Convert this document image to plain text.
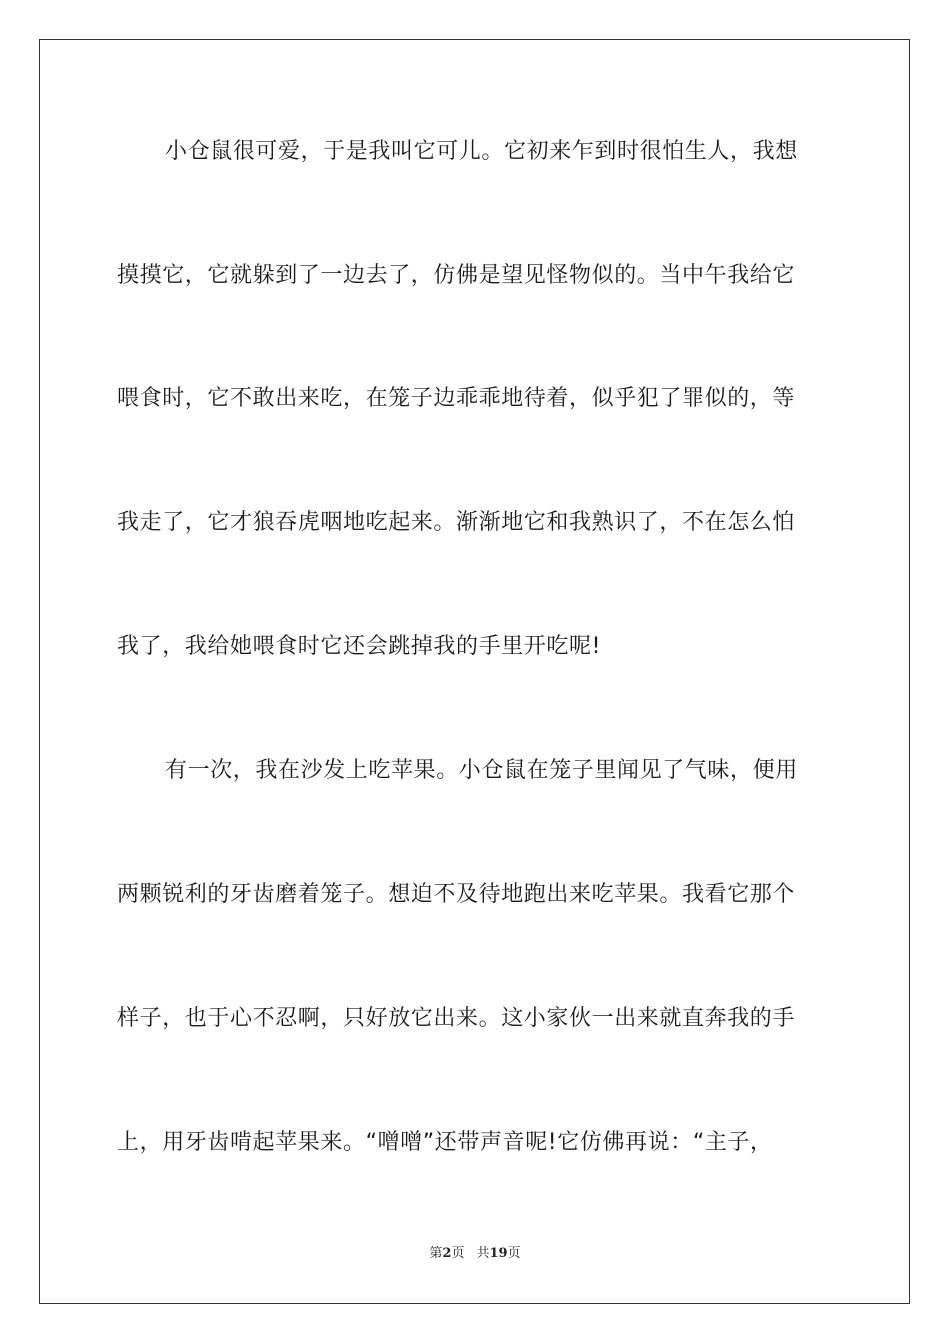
小仓鼠很可爱，于是我叫它可儿。它初来乍到时很怕生人，我想
摸摸它，它就躲到了一边去了，仿佛是望见怪物似的。当中午我给它
喂食时，它不敢出来吃，在笼子边乖乖地待着，似乎犯了罪似的，等
我走了，它才狼吞虎咽地吃起来。渐渐地它和我熟识了，不在怎么怕
我了，我给她喂食时它还会跳掉我的手里开吃呢!
有一次，我在沙发上吃苹果。小仓鼠在笼子里闻见了气味，便用
两颗锐利的牙齿磨着笼子。想迫不及待地跑出来吃苹果。我看它那个
样子，也于心不忍啊，只好放它出来。这小家伙一出来就直奔我的手
上，用牙齿啃起苹果来。“噌噌”还带声音呢!它仿佛再说：“主子，
第2页 共19页
